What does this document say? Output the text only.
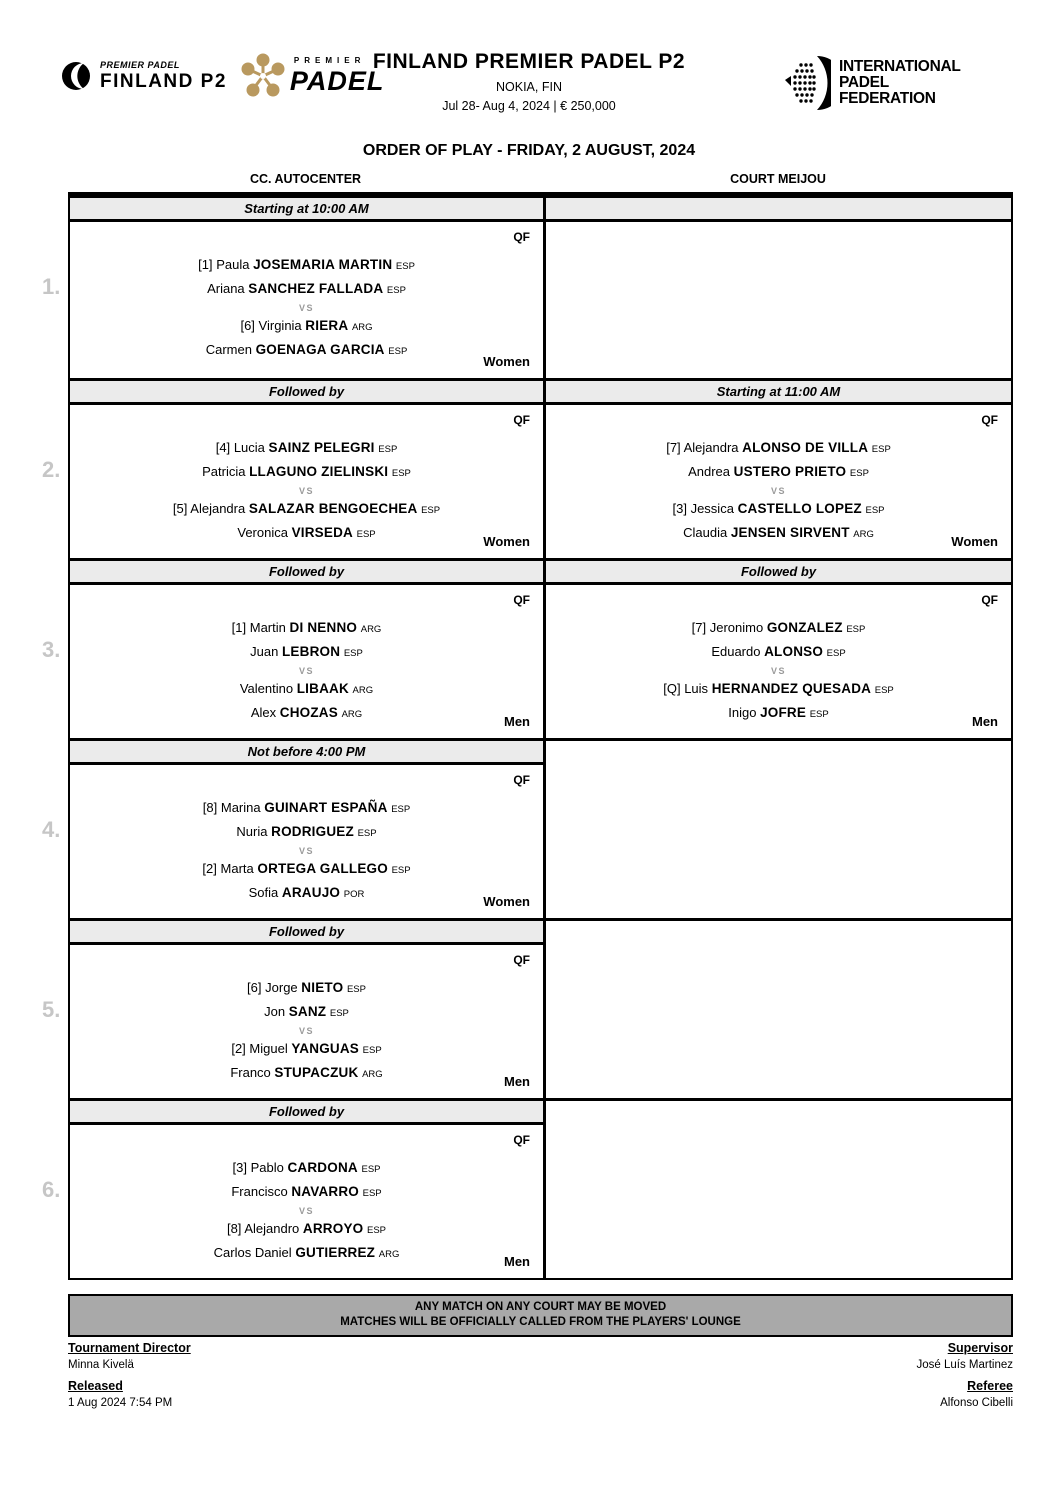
PREMIER PADEL
FINLAND P2
PREMIER
PADEL
FINLAND PREMIER PADEL P2
NOKIA, FIN
Jul 28- Aug 4, 2024 | € 250,000
INTERNATIONAL
PADEL
FEDERATION
ORDER OF PLAY - FRIDAY, 2 AUGUST, 2024
CC. AUTOCENTER	COURT MEIJOU
1.
Starting at 10:00 AM
QF
[1] Paula JOSEMARIA MARTIN ESP
Ariana SANCHEZ FALLADA ESP
VS
[6] Virginia RIERA ARG
Carmen GOENAGA GARCIA ESP
Women
2.
Followed by
QF
[4] Lucia SAINZ PELEGRI ESP
Patricia LLAGUNO ZIELINSKI ESP
VS
[5] Alejandra SALAZAR BENGOECHEA ESP
Veronica VIRSEDA ESP	Women
Starting at 11:00 AM
QF
[7] Alejandra ALONSO DE VILLA ESP
Andrea USTERO PRIETO ESP
VS
[3] Jessica CASTELLO LOPEZ ESP
Claudia JENSEN SIRVENT ARG	Women
3.
Followed by
QF
[1] Martin DI NENNO ARG
Juan LEBRON ESP
VS
Valentino LIBAAK ARG
Alex CHOZAS ARG	Men
Followed by
QF
[7] Jeronimo GONZALEZ ESP
Eduardo ALONSO ESP
VS
[Q] Luis HERNANDEZ QUESADA ESP
Inigo JOFRE ESP	Men
4.
Not before 4:00 PM
QF
[8] Marina GUINART ESPAÑA ESP
Nuria RODRIGUEZ ESP
VS
[2] Marta ORTEGA GALLEGO ESP
Sofia ARAUJO POR	Women
5.
Followed by
QF
[6] Jorge NIETO ESP
Jon SANZ ESP
VS
[2] Miguel YANGUAS ESP
Franco STUPACZUK ARG	Men
6.
Followed by
QF
[3] Pablo CARDONA ESP
Francisco NAVARRO ESP
VS
[8] Alejandro ARROYO ESP
Carlos Daniel GUTIERREZ ARG	Men
ANY MATCH ON ANY COURT MAY BE MOVED
MATCHES WILL BE OFFICIALLY CALLED FROM THE PLAYERS' LOUNGE
Tournament Director
Minna Kivelä
Released
1 Aug 2024 7:54 PM
Supervisor
José Luís Martinez
Referee
Alfonso Cibelli
